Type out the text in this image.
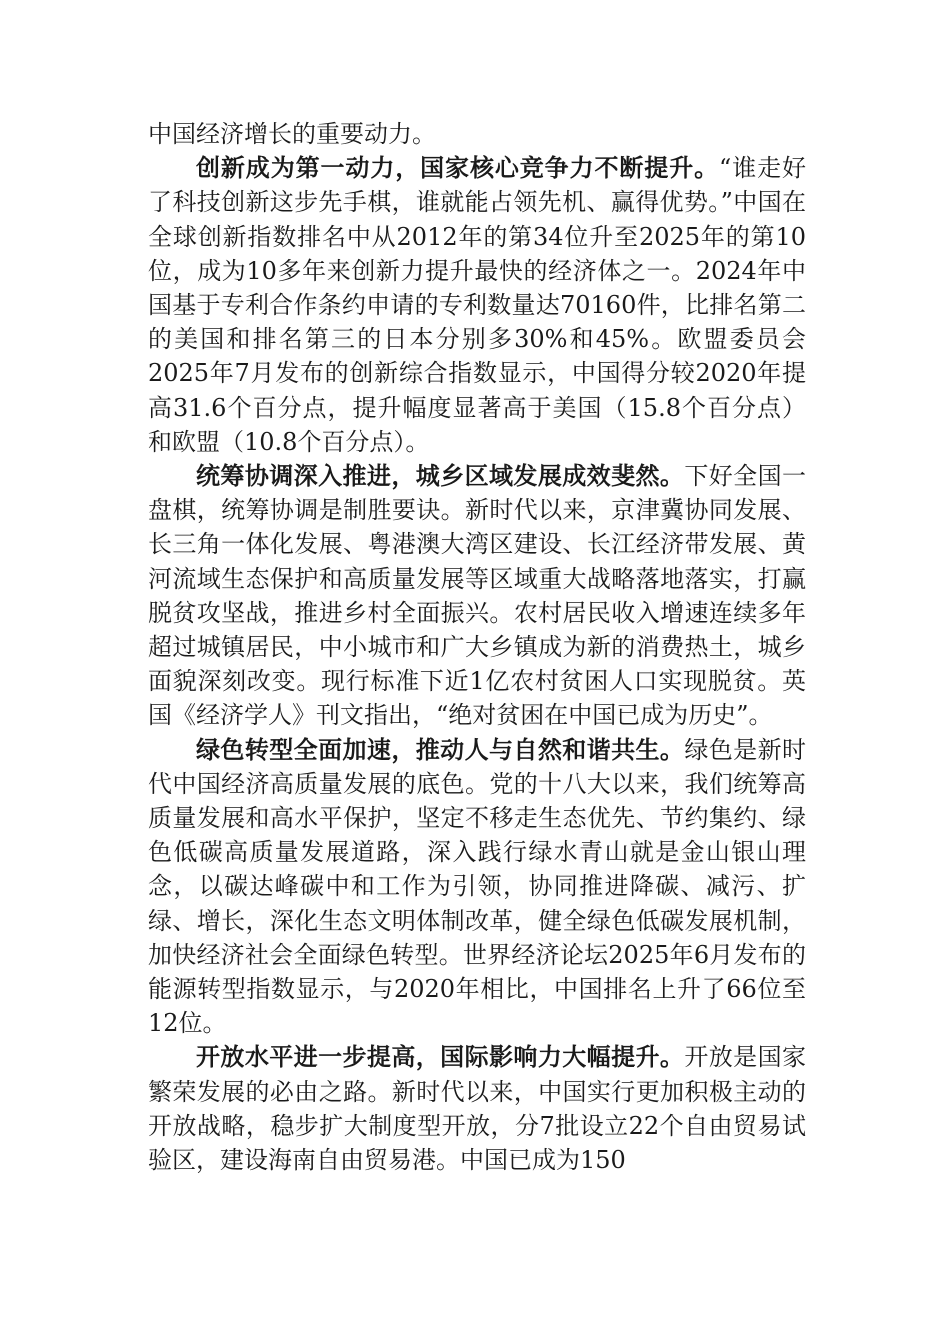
中国经济增长的重要动力。

创新成为第一动力，国家核心竞争力不断提升。“谁走好了科技创新这步先手棋，谁就能占领先机、赢得优势。”中国在全球创新指数排名中从2012年的第34位升至2025年的第10位，成为10多年来创新力提升最快的经济体之一。2024年中国基于专利合作条约申请的专利数量达70160件，比排名第二的美国和排名第三的日本分别多30%和45%。欧盟委员会2025年7月发布的创新综合指数显示，中国得分较2020年提高31.6个百分点，提升幅度显著高于美国（15.8个百分点）和欧盟（10.8个百分点）。

统筹协调深入推进，城乡区域发展成效斐然。下好全国一盘棋，统筹协调是制胜要诀。新时代以来，京津冀协同发展、长三角一体化发展、粤港澳大湾区建设、长江经济带发展、黄河流域生态保护和高质量发展等区域重大战略落地落实，打赢脱贫攻坚战，推进乡村全面振兴。农村居民收入增速连续多年超过城镇居民，中小城市和广大乡镇成为新的消费热土，城乡面貌深刻改变。现行标准下近1亿农村贫困人口实现脱贫。英国《经济学人》刊文指出，“绝对贫困在中国已成为历史”。

绿色转型全面加速，推动人与自然和谐共生。绿色是新时代中国经济高质量发展的底色。党的十八大以来，我们统筹高质量发展和高水平保护，坚定不移走生态优先、节约集约、绿色低碳高质量发展道路，深入践行绿水青山就是金山银山理念，以碳达峰碳中和工作为引领，协同推进降碳、减污、扩绿、增长，深化生态文明体制改革，健全绿色低碳发展机制，加快经济社会全面绿色转型。世界经济论坛2025年6月发布的能源转型指数显示，与2020年相比，中国排名上升了66位至12位。

开放水平进一步提高，国际影响力大幅提升。开放是国家繁荣发展的必由之路。新时代以来，中国实行更加积极主动的开放战略，稳步扩大制度型开放，分7批设立22个自由贸易试验区，建设海南自由贸易港。中国已成为150
